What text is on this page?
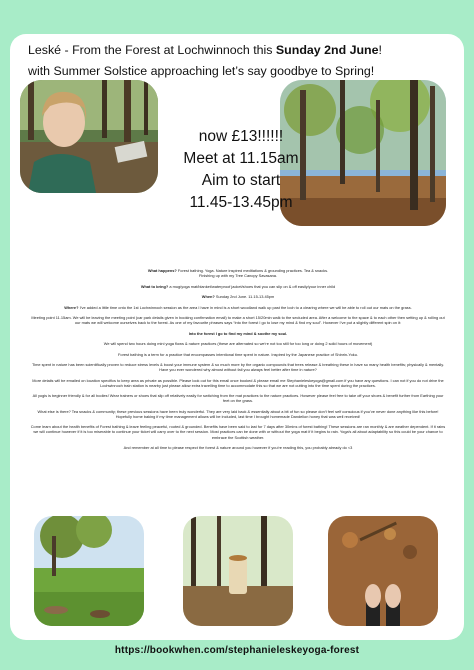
Leské - From the Forest at Lochwinnoch this Sunday 2nd June!
with Summer Solstice approaching let’s say goodbye to Spring!
now £13!!!!!!
Meet at 11.15am
Aim to start
11.45-13.45pm

What happens? Forest bathing. Yoga. Nature inspired meditations & grounding practices. Tea & snacks.
Finishing up with my Tree Canopy Savasana.

What to bring? a mug/yoga mat/blanket/waterproof jacket/shoes that you can slip on & off easily/your inner child

When? Sunday 2nd June. 11.15-13.45pm

Where? I’ve added a little time onto the 1st Lochwinnoch session as the area I have in mind is a short woodland walk up past the loch to a clearing where we will be able to roll out our mats on the grass.

Meeting point 11.15am. We will be leaving the meeting point (car park details given in booking confirmation email) to make a short 15/20min walk to the secluded area. After a welcome to the space & to each other then setting up & rolling out our mats we will welcome ourselves back to the forest. As one of my favourite phrases says “into the forest I go to lose my mind & find my soul”. However I’ve put a slightly different spin on it:

Into the forest I go to find my mind & soothe my soul.

We will spend two hours doing mini yoga flows & nature practices (these are alternated so we’re not too still for too long or doing 2 solid hours of movement)

Forest bathing is a term for a practice that encompasses intentional time spent in nature. Inspired by the Japanese practice of Shinrin-Yoku.

Time spent in nature has been scientifically proven to reduce stress levels & boost your immune system & so much more by the organic compounds that trees release & breathing these in have so many health benefits; physically & mentally. Have you ever wondered why almost without fail you always feel better after time in nature?

More details will be emailed on location specifics to keep area as private as possible. Please look out for this email once booked & please email me Stephanieleskeyoga@gmail.com if you have any questions. I can not if you do not drive the Lochwinnoch train station is nearby just please allow extra travelling time to accommodate this so that we are not cutting into the time spent during the practices.

All yogis is beginner friendly & for all bodies! Wear trainers or shoes that slip off relatively easily for switching from the mat practices to the nature practices. However please feel free to take off your shoes & benefit further from Earthing your feet on the grass.

What else is there? Tea snacks & community; these previous sessions have been truly wonderful. They are very laid back & essentially about a bit of fun so please don’t feel self conscious if you’ve never done anything like this before! Hopefully home baking if my time management allows will be included, last time I brought homemade Dandelion honey that was well received!

Come learn about the health benefits of Forest bathing & leave feeling peaceful, rooted & grounded. Benefits have been said to last for 7 days after 30mins of forest bathing! These sessions are ran monthly & are weather dependent. If it rains we will continue however if it is too miserable to continue your ticket will carry over to the next session. Most practices can be done with or without the yoga mat if it begins to rain. Yoga’s all about adaptability so this could be your chance to embrace the Scottish weather.

And remember at all time to please respect the forest & nature around you however if you’re reading this, you probably already do <3

https://bookwhen.com/stephanieleskeyoga-forest
